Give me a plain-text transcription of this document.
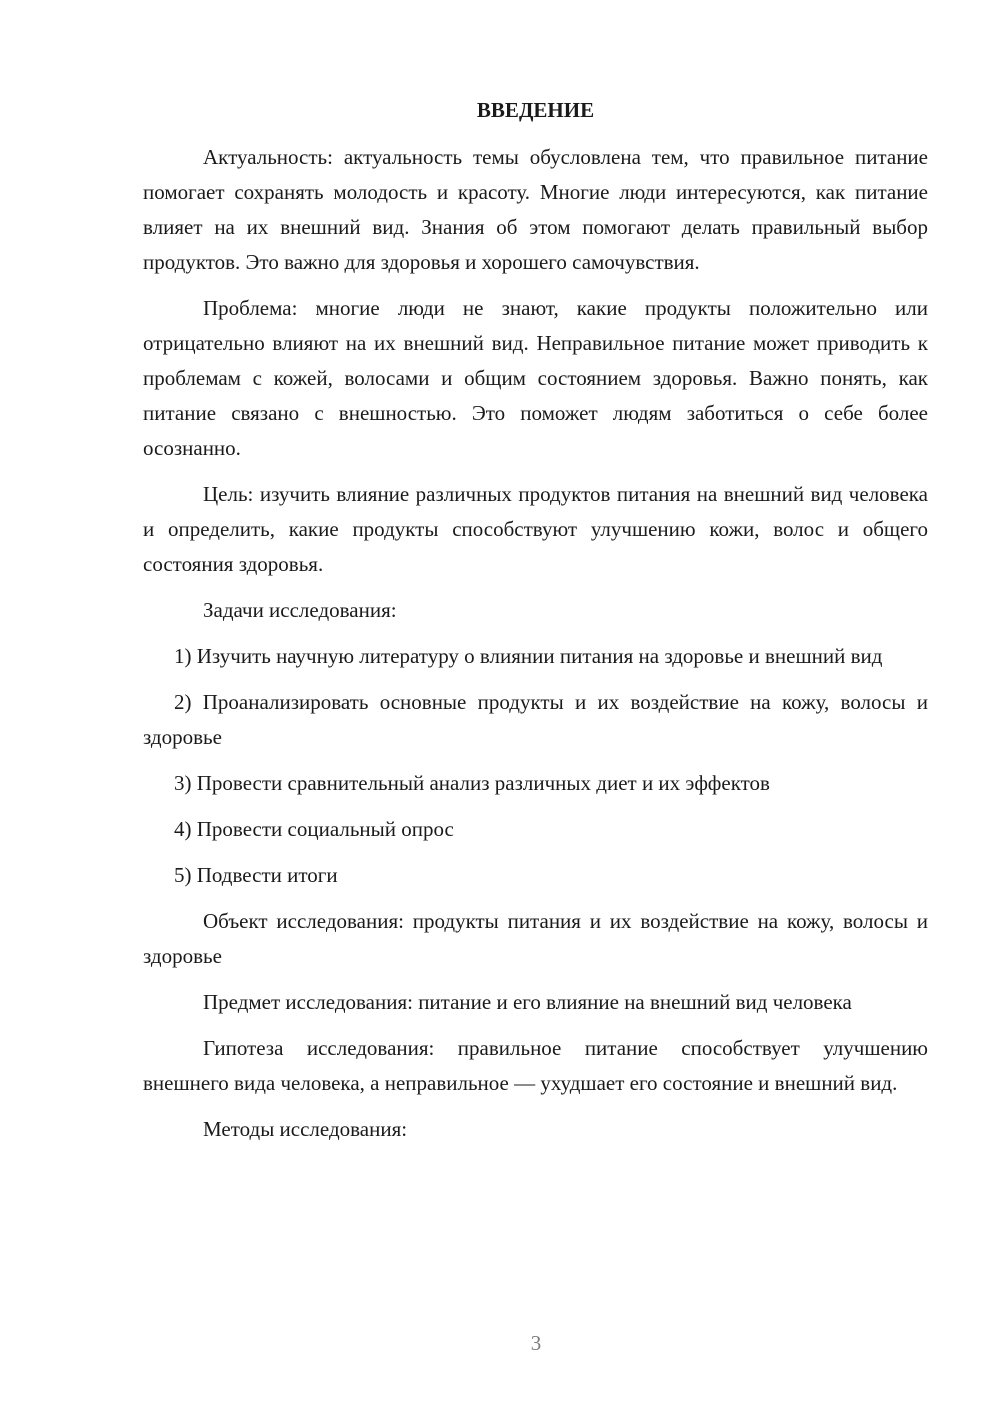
ВВЕДЕНИЕ

Актуальность: актуальность темы обусловлена тем, что правильное питание помогает сохранять молодость и красоту. Многие люди интересуются, как питание влияет на их внешний вид. Знания об этом помогают делать правильный выбор продуктов. Это важно для здоровья и хорошего самочувствия.

Проблема: многие люди не знают, какие продукты положительно или отрицательно влияют на их внешний вид. Неправильное питание может приводить к проблемам с кожей, волосами и общим состоянием здоровья. Важно понять, как питание связано с внешностью. Это поможет людям заботиться о себе более осознанно.

Цель: изучить влияние различных продуктов питания на внешний вид человека и определить, какие продукты способствуют улучшению кожи, волос и общего состояния здоровья.

Задачи исследования:

1) Изучить научную литературу о влиянии питания на здоровье и внешний вид

2) Проанализировать основные продукты и их воздействие на кожу, волосы и здоровье

3) Провести сравнительный анализ различных диет и их эффектов

4) Провести социальный опрос

5) Подвести итоги

Объект исследования: продукты питания и их воздействие на кожу, волосы и здоровье

Предмет исследования: питание и его влияние на внешний вид человека

Гипотеза исследования: правильное питание способствует улучшению внешнего вида человека, а неправильное — ухудшает его состояние и внешний вид.

Методы исследования:

3
